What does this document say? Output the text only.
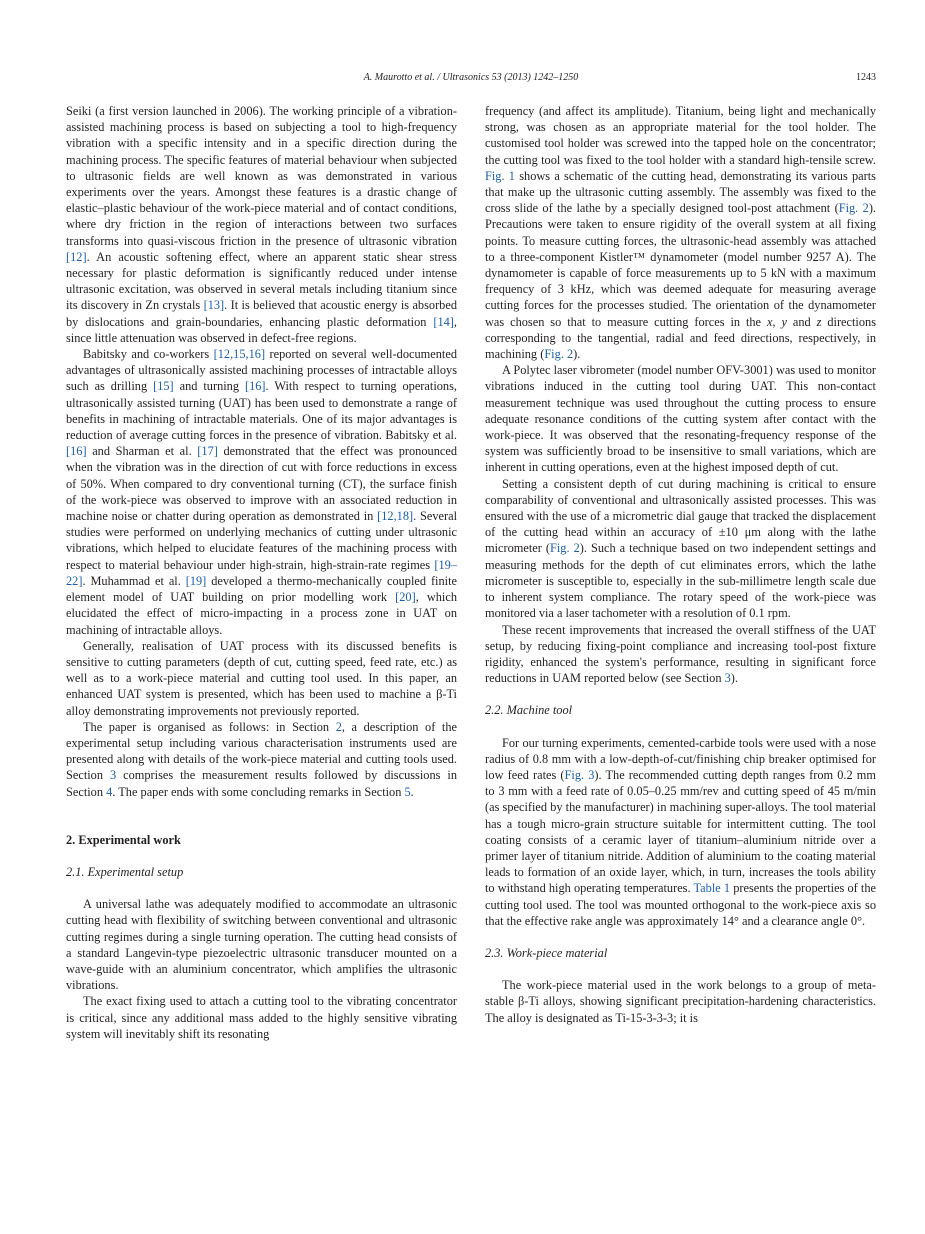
A. Maurotto et al. / Ultrasonics 53 (2013) 1242–1250	1243

Seiki (a first version launched in 2006). The working principle of a vibration-assisted machining process is based on subjecting a tool to high-frequency vibration with a specific intensity and in a specific direction during the machining process. The specific features of material behaviour when subjected to ultrasonic fields are well known as was demonstrated in various experiments over the years. Amongst these features is a drastic change of elastic–plastic behaviour of the work-piece material and of contact conditions, where dry friction in the region of interactions between two surfaces transforms into quasi-viscous friction in the presence of ultrasonic vibration [12]. An acoustic softening effect, where an apparent static shear stress necessary for plastic deformation is significantly reduced under intense ultrasonic excitation, was observed in several metals including titanium since its discovery in Zn crystals [13]. It is believed that acoustic energy is absorbed by dislocations and grain-boundaries, enhancing plastic deformation [14], since little attenuation was observed in defect-free regions.

Babitsky and co-workers [12,15,16] reported on several well-documented advantages of ultrasonically assisted machining processes of intractable alloys such as drilling [15] and turning [16]. With respect to turning operations, ultrasonically assisted turning (UAT) has been used to demonstrate a range of benefits in machining of intractable materials. One of its major advantages is reduction of average cutting forces in the presence of vibration. Babitsky et al. [16] and Sharman et al. [17] demonstrated that the effect was pronounced when the vibration was in the direction of cut with force reductions in excess of 50%. When compared to dry conventional turning (CT), the surface finish of the work-piece was observed to improve with an associated reduction in machine noise or chatter during operation as demonstrated in [12,18]. Several studies were performed on underlying mechanics of cutting under ultrasonic vibrations, which helped to elucidate features of the machining process with respect to material behaviour under high-strain, high-strain-rate regimes [19–22]. Muhammad et al. [19] developed a thermo-mechanically coupled finite element model of UAT building on prior modelling work [20], which elucidated the effect of micro-impacting in a process zone in UAT on machining of intractable alloys.

Generally, realisation of UAT process with its discussed benefits is sensitive to cutting parameters (depth of cut, cutting speed, feed rate, etc.) as well as to a work-piece material and cutting tool used. In this paper, an enhanced UAT system is presented, which has been used to machine a β-Ti alloy demonstrating improvements not previously reported.

The paper is organised as follows: in Section 2, a description of the experimental setup including various characterisation instruments used are presented along with details of the work-piece material and cutting tools used. Section 3 comprises the measurement results followed by discussions in Section 4. The paper ends with some concluding remarks in Section 5.

2. Experimental work
2.1. Experimental setup

A universal lathe was adequately modified to accommodate an ultrasonic cutting head with flexibility of switching between conventional and ultrasonic cutting regimes during a single turning operation. The cutting head consists of a standard Langevin-type piezoelectric ultrasonic transducer mounted on a wave-guide with an aluminium concentrator, which amplifies the ultrasonic vibrations.

The exact fixing used to attach a cutting tool to the vibrating concentrator is critical, since any additional mass added to the highly sensitive vibrating system will inevitably shift its resonating

frequency (and affect its amplitude). Titanium, being light and mechanically strong, was chosen as an appropriate material for the tool holder. The customised tool holder was screwed into the tapped hole on the concentrator; the cutting tool was fixed to the tool holder with a standard high-tensile screw. Fig. 1 shows a schematic of the cutting head, demonstrating its various parts that make up the ultrasonic cutting assembly. The assembly was fixed to the cross slide of the lathe by a specially designed tool-post attachment (Fig. 2). Precautions were taken to ensure rigidity of the overall system at all fixing points. To measure cutting forces, the ultrasonic-head assembly was attached to a three-component Kistler™ dynamometer (model number 9257 A). The dynamometer is capable of force measurements up to 5 kN with a maximum frequency of 3 kHz, which was deemed adequate for measuring average cutting forces for the processes studied. The orientation of the dynamometer was chosen so that to measure cutting forces in the x, y and z directions corresponding to the tangential, radial and feed directions, respectively, in machining (Fig. 2).

A Polytec laser vibrometer (model number OFV-3001) was used to monitor vibrations induced in the cutting tool during UAT. This non-contact measurement technique was used throughout the cutting process to ensure adequate resonance conditions of the cutting system after contact with the work-piece. It was observed that the resonating-frequency response of the system was sufficiently broad to be insensitive to small variations, which are inherent in cutting operations, even at the highest imposed depth of cut.

Setting a consistent depth of cut during machining is critical to ensure comparability of conventional and ultrasonically assisted processes. This was ensured with the use of a micrometric dial gauge that tracked the displacement of the cutting head within an accuracy of ±10 μm along with the lathe micrometer (Fig. 2). Such a technique based on two independent settings and measuring methods for the depth of cut eliminates errors, which the lathe micrometer is susceptible to, especially in the sub-millimetre length scale due to inherent system compliance. The rotary speed of the work-piece was monitored via a laser tachometer with a resolution of 0.1 rpm.

These recent improvements that increased the overall stiffness of the UAT setup, by reducing fixing-point compliance and increasing tool-post fixture rigidity, enhanced the system's performance, resulting in significant force reductions in UAM reported below (see Section 3).

2.2. Machine tool

For our turning experiments, cemented-carbide tools were used with a nose radius of 0.8 mm with a low-depth-of-cut/finishing chip breaker optimised for low feed rates (Fig. 3). The recommended cutting depth ranges from 0.2 mm to 3 mm with a feed rate of 0.05–0.25 mm/rev and cutting speed of 45 m/min (as specified by the manufacturer) in machining super-alloys. The tool material has a tough micro-grain structure suitable for intermittent cutting. The tool coating consists of a ceramic layer of titanium–aluminium nitride over a primer layer of titanium nitride. Addition of aluminium to the coating material leads to formation of an oxide layer, which, in turn, increases the tools ability to withstand high operating temperatures. Table 1 presents the properties of the cutting tool used. The tool was mounted orthogonal to the work-piece axis so that the effective rake angle was approximately 14° and a clearance angle 0°.

2.3. Work-piece material

The work-piece material used in the work belongs to a group of meta-stable β-Ti alloys, showing significant precipitation-hardening characteristics. The alloy is designated as Ti-15-3-3-3; it is
